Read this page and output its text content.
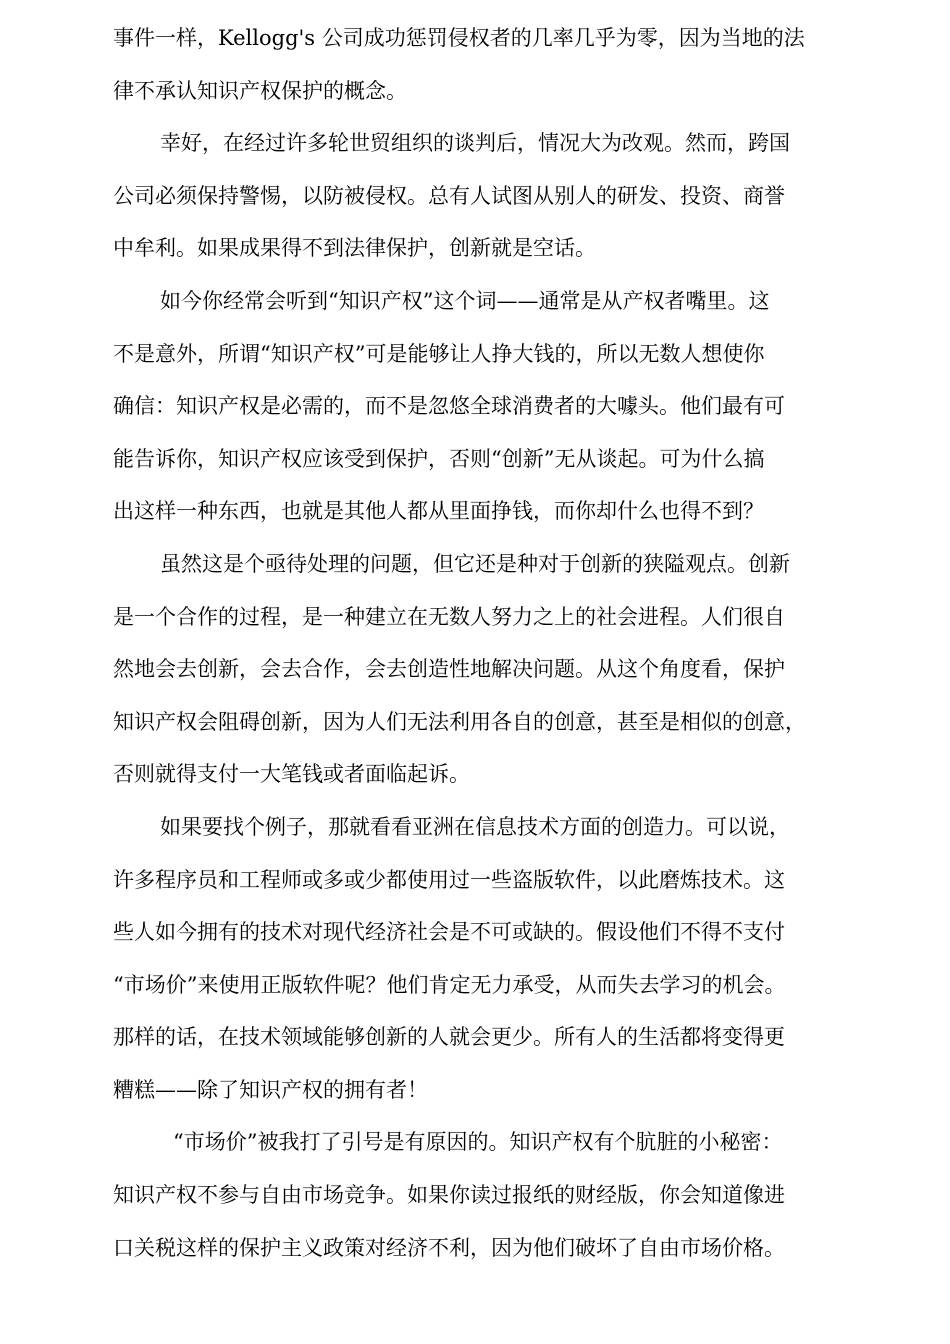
事件一样，Kellogg's 公司成功惩罚侵权者的几率几乎为零，因为当地的法
律不承认知识产权保护的概念。
幸好，在经过许多轮世贸组织的谈判后，情况大为改观。然而，跨国
公司必须保持警惕，以防被侵权。总有人试图从别人的研发、投资、商誉
中牟利。如果成果得不到法律保护，创新就是空话。
如今你经常会听到“知识产权”这个词——通常是从产权者嘴里。这
不是意外，所谓“知识产权”可是能够让人挣大钱的，所以无数人想使你
确信：知识产权是必需的，而不是忽悠全球消费者的大噱头。他们最有可
能告诉你，知识产权应该受到保护，否则“创新”无从谈起。可为什么搞
出这样一种东西，也就是其他人都从里面挣钱，而你却什么也得不到？
虽然这是个亟待处理的问题，但它还是种对于创新的狭隘观点。创新
是一个合作的过程，是一种建立在无数人努力之上的社会进程。人们很自
然地会去创新，会去合作，会去创造性地解决问题。从这个角度看，保护
知识产权会阻碍创新，因为人们无法利用各自的创意，甚至是相似的创意，
否则就得支付一大笔钱或者面临起诉。
如果要找个例子，那就看看亚洲在信息技术方面的创造力。可以说，
许多程序员和工程师或多或少都使用过一些盗版软件，以此磨炼技术。这
些人如今拥有的技术对现代经济社会是不可或缺的。假设他们不得不支付
“市场价”来使用正版软件呢？他们肯定无力承受，从而失去学习的机会。
那样的话，在技术领域能够创新的人就会更少。所有人的生活都将变得更
糟糕——除了知识产权的拥有者！
“市场价”被我打了引号是有原因的。知识产权有个肮脏的小秘密：
知识产权不参与自由市场竞争。如果你读过报纸的财经版，你会知道像进
口关税这样的保护主义政策对经济不利，因为他们破坏了自由市场价格。
